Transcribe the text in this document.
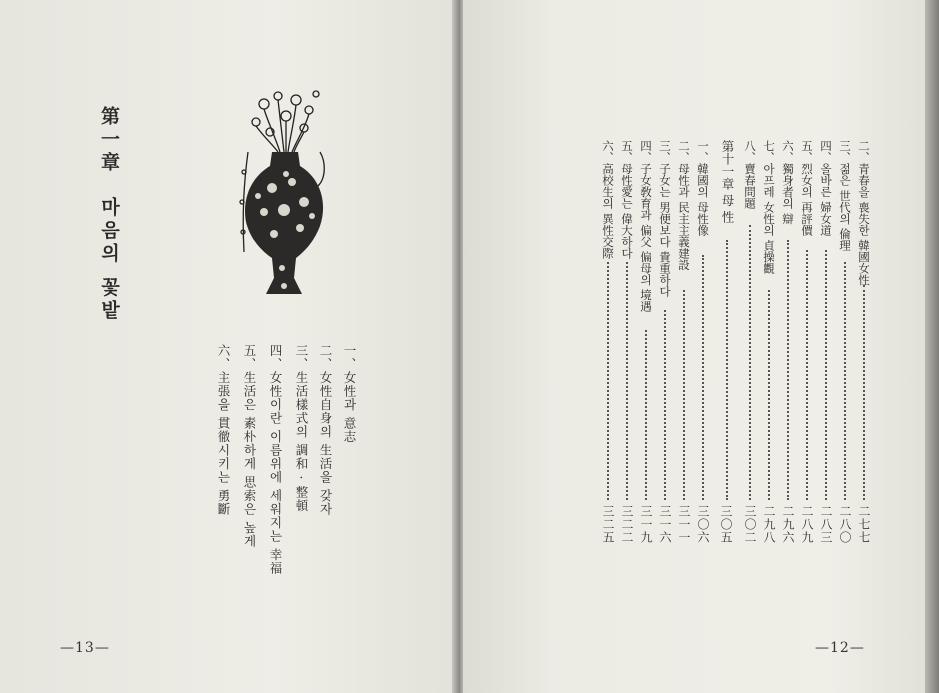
第一章마음의 꽃밭
一、女性과 意志
二、女性自身의 生活을 갖자
三、生活樣式의 調和 · 整頓
四、女性이란 이름위에 세워지는 幸福
五、生活은 素朴하게 思索은 높게
六、主張을 貫徹시키는 勇斷
—13—
二、青春을 喪失한 韓國女性
二七七
三、젊은 世代의 倫理
二八〇
四、올바른 婦女道
二八三
五、烈女의 再評價
二八九
六、獨身者의 辯
二九六
七、아프레 女性의 貞操觀
二九八
八、賣春問題
三〇二
第十一章 母 性
三〇五
一、韓國의 母性像
三〇六
二、母性과 民主主義建設
三一一
三、子女는 男便보다 貴重하다
三一六
四、子女敎育과 偏父 偏母의 境遇
三一九
五、母性愛는 偉大하다
三二二
六、高校生의 異性交際
三二五
—12—
